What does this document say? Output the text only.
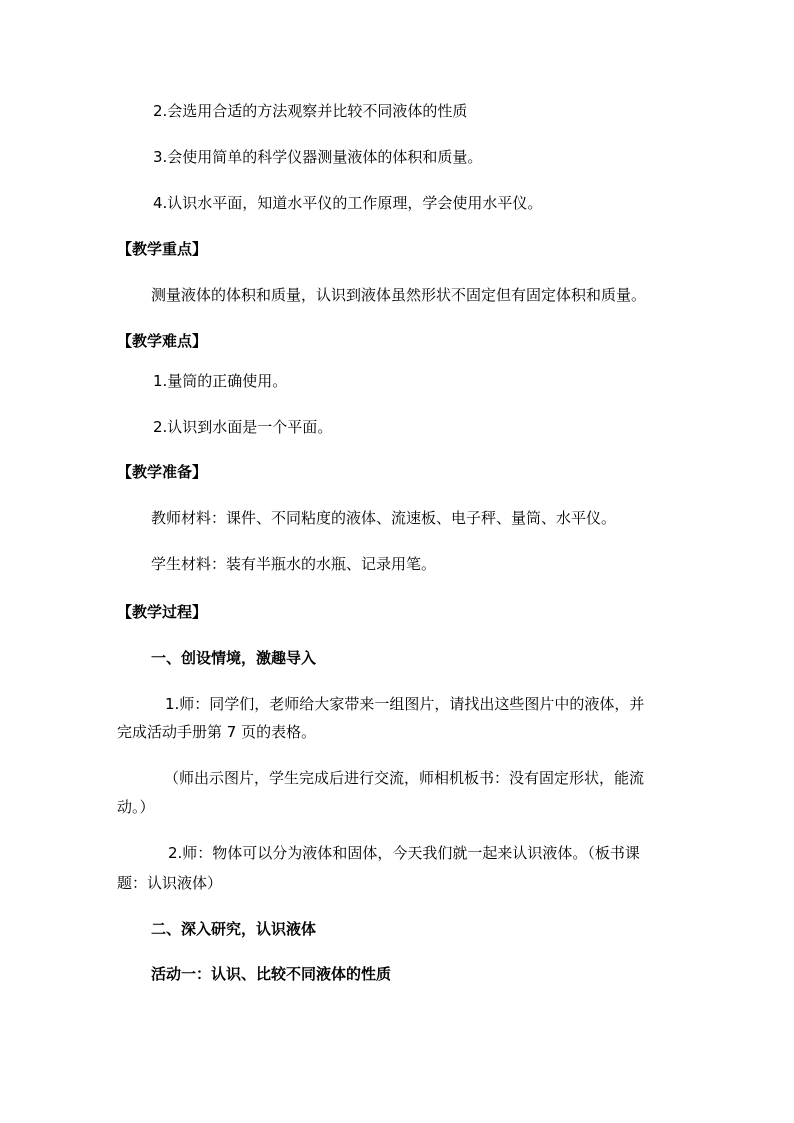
2.会选用合适的方法观察并比较不同液体的性质
3.会使用简单的科学仪器测量液体的体积和质量。
4.认识水平面，知道水平仪的工作原理，学会使用水平仪。
【教学重点】
测量液体的体积和质量，认识到液体虽然形状不固定但有固定体积和质量。
【教学难点】
1.量筒的正确使用。
2.认识到水面是一个平面。
【教学准备】
教师材料：课件、不同粘度的液体、流速板、电子秤、量筒、水平仪。
学生材料：装有半瓶水的水瓶、记录用笔。
【教学过程】
一、创设情境，激趣导入
1.师：同学们，老师给大家带来一组图片，请找出这些图片中的液体，并
完成活动手册第 7 页的表格。
（师出示图片，学生完成后进行交流，师相机板书：没有固定形状，能流
动。）
2.师：物体可以分为液体和固体，今天我们就一起来认识液体。（板书课
题：认识液体）
二、深入研究，认识液体
活动一：认识、比较不同液体的性质
